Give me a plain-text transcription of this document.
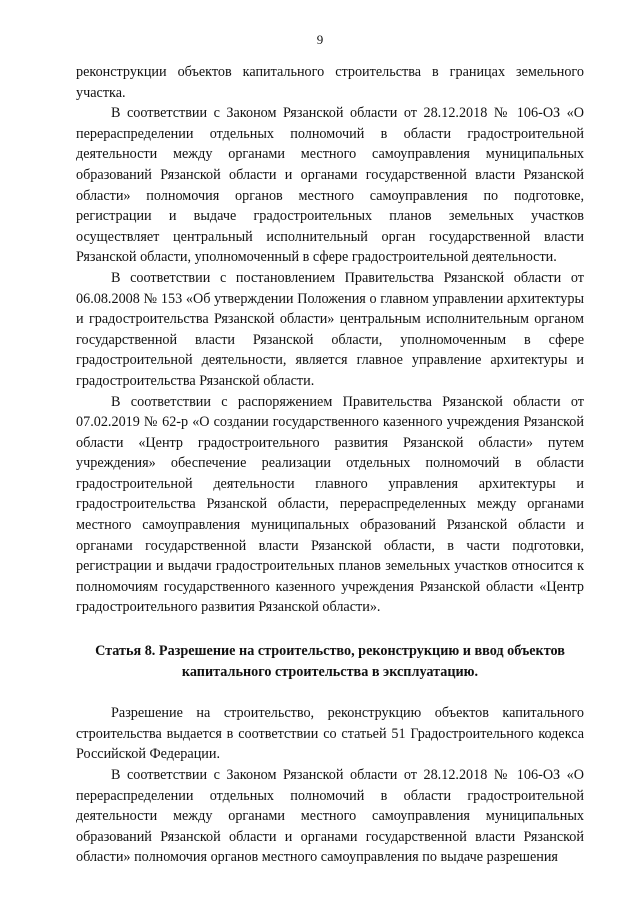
9

реконструкции объектов капитального строительства в границах земельного участка.

В соответствии с Законом Рязанской области от 28.12.2018 № 106-ОЗ «О перераспределении отдельных полномочий в области градостроительной деятельности между органами местного самоуправления муниципальных образований Рязанской области и органами государственной власти Рязанской области» полномочия органов местного самоуправления по подготовке, регистрации и выдаче градостроительных планов земельных участков осуществляет центральный исполнительный орган государственной власти Рязанской области, уполномоченный в сфере градостроительной деятельности.

В соответствии с постановлением Правительства Рязанской области от 06.08.2008 № 153 «Об утверждении Положения о главном управлении архитектуры и градостроительства Рязанской области» центральным исполнительным органом государственной власти Рязанской области, уполномоченным в сфере градостроительной деятельности, является главное управление архитектуры и градостроительства Рязанской области.

В соответствии с распоряжением Правительства Рязанской области от 07.02.2019 № 62-р «О создании государственного казенного учреждения Рязанской области «Центр градостроительного развития Рязанской области» путем учреждения» обеспечение реализации отдельных полномочий в области градостроительной деятельности главного управления архитектуры и градостроительства Рязанской области, перераспределенных между органами местного самоуправления муниципальных образований Рязанской области и органами государственной власти Рязанской области, в части подготовки, регистрации и выдачи градостроительных планов земельных участков относится к полномочиям государственного казенного учреждения Рязанской области «Центр градостроительного развития Рязанской области».

Статья 8. Разрешение на строительство, реконструкцию и ввод объектов капитального строительства в эксплуатацию.

Разрешение на строительство, реконструкцию объектов капитального строительства выдается в соответствии со статьей 51 Градостроительного кодекса Российской Федерации.

В соответствии с Законом Рязанской области от 28.12.2018 № 106-ОЗ «О перераспределении отдельных полномочий в области градостроительной деятельности между органами местного самоуправления муниципальных образований Рязанской области и органами государственной власти Рязанской области» полномочия органов местного самоуправления по выдаче разрешения
